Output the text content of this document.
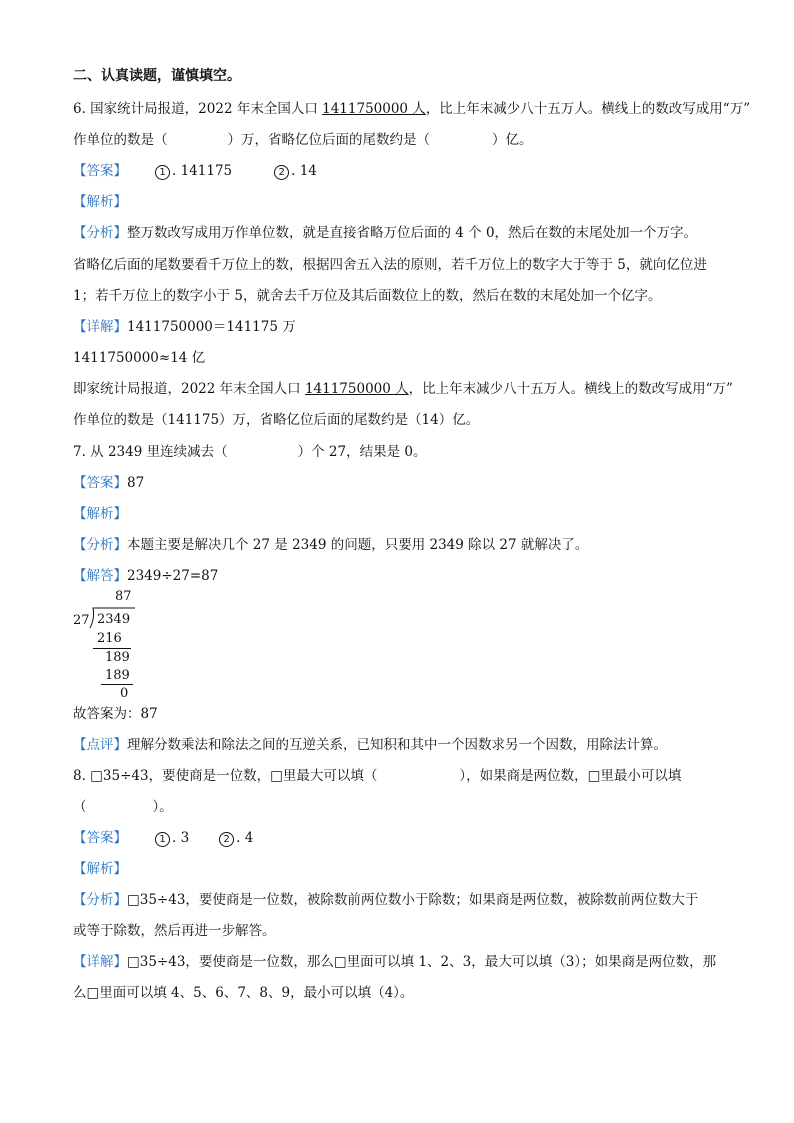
二、认真读题，谨慎填空。
6. 国家统计局报道，2022 年末全国人口 1411750000 人，比上年末减少八十五万人。横线上的数改写成用“万”
作单位的数是（	）万，省略亿位后面的尾数约是（	）亿。
【答案】	1 . 141175	2 . 14
【解析】
【分析】整万数改写成用万作单位数，就是直接省略万位后面的 4 个 0，然后在数的末尾处加一个万字。
省略亿后面的尾数要看千万位上的数，根据四舍五入法的原则，若千万位上的数字大于等于 5，就向亿位进
1；若千万位上的数字小于 5，就舍去千万位及其后面数位上的数，然后在数的末尾处加一个亿字。
【详解】1411750000＝141175 万
1411750000≈14 亿
即家统计局报道，2022 年末全国人口 1411750000 人，比上年末减少八十五万人。横线上的数改写成用“万”
作单位的数是（141175）万，省略亿位后面的尾数约是（14）亿。
7. 从 2349 里连续减去（	）个 27，结果是 0。
【答案】87
【解析】
【分析】本题主要是解决几个 27 是 2349 的问题，只要用 2349 除以 27 就解决了。
【解答】2349÷27=87
87
27 2349
216
189
189
0
故答案为：87
【点评】理解分数乘法和除法之间的互逆关系，已知积和其中一个因数求另一个因数，用除法计算。
8. □35÷43，要使商是一位数，□里最大可以填（	），如果商是两位数，□里最小可以填
（	）。
【答案】	1 . 3	2 . 4
【解析】
【分析】□35÷43，要使商是一位数，被除数前两位数小于除数；如果商是两位数，被除数前两位数大于
或等于除数，然后再进一步解答。
【详解】□35÷43，要使商是一位数，那么□里面可以填 1、2、3，最大可以填（3）；如果商是两位数，那
么□里面可以填 4、5、6、7、8、9，最小可以填（4）。
